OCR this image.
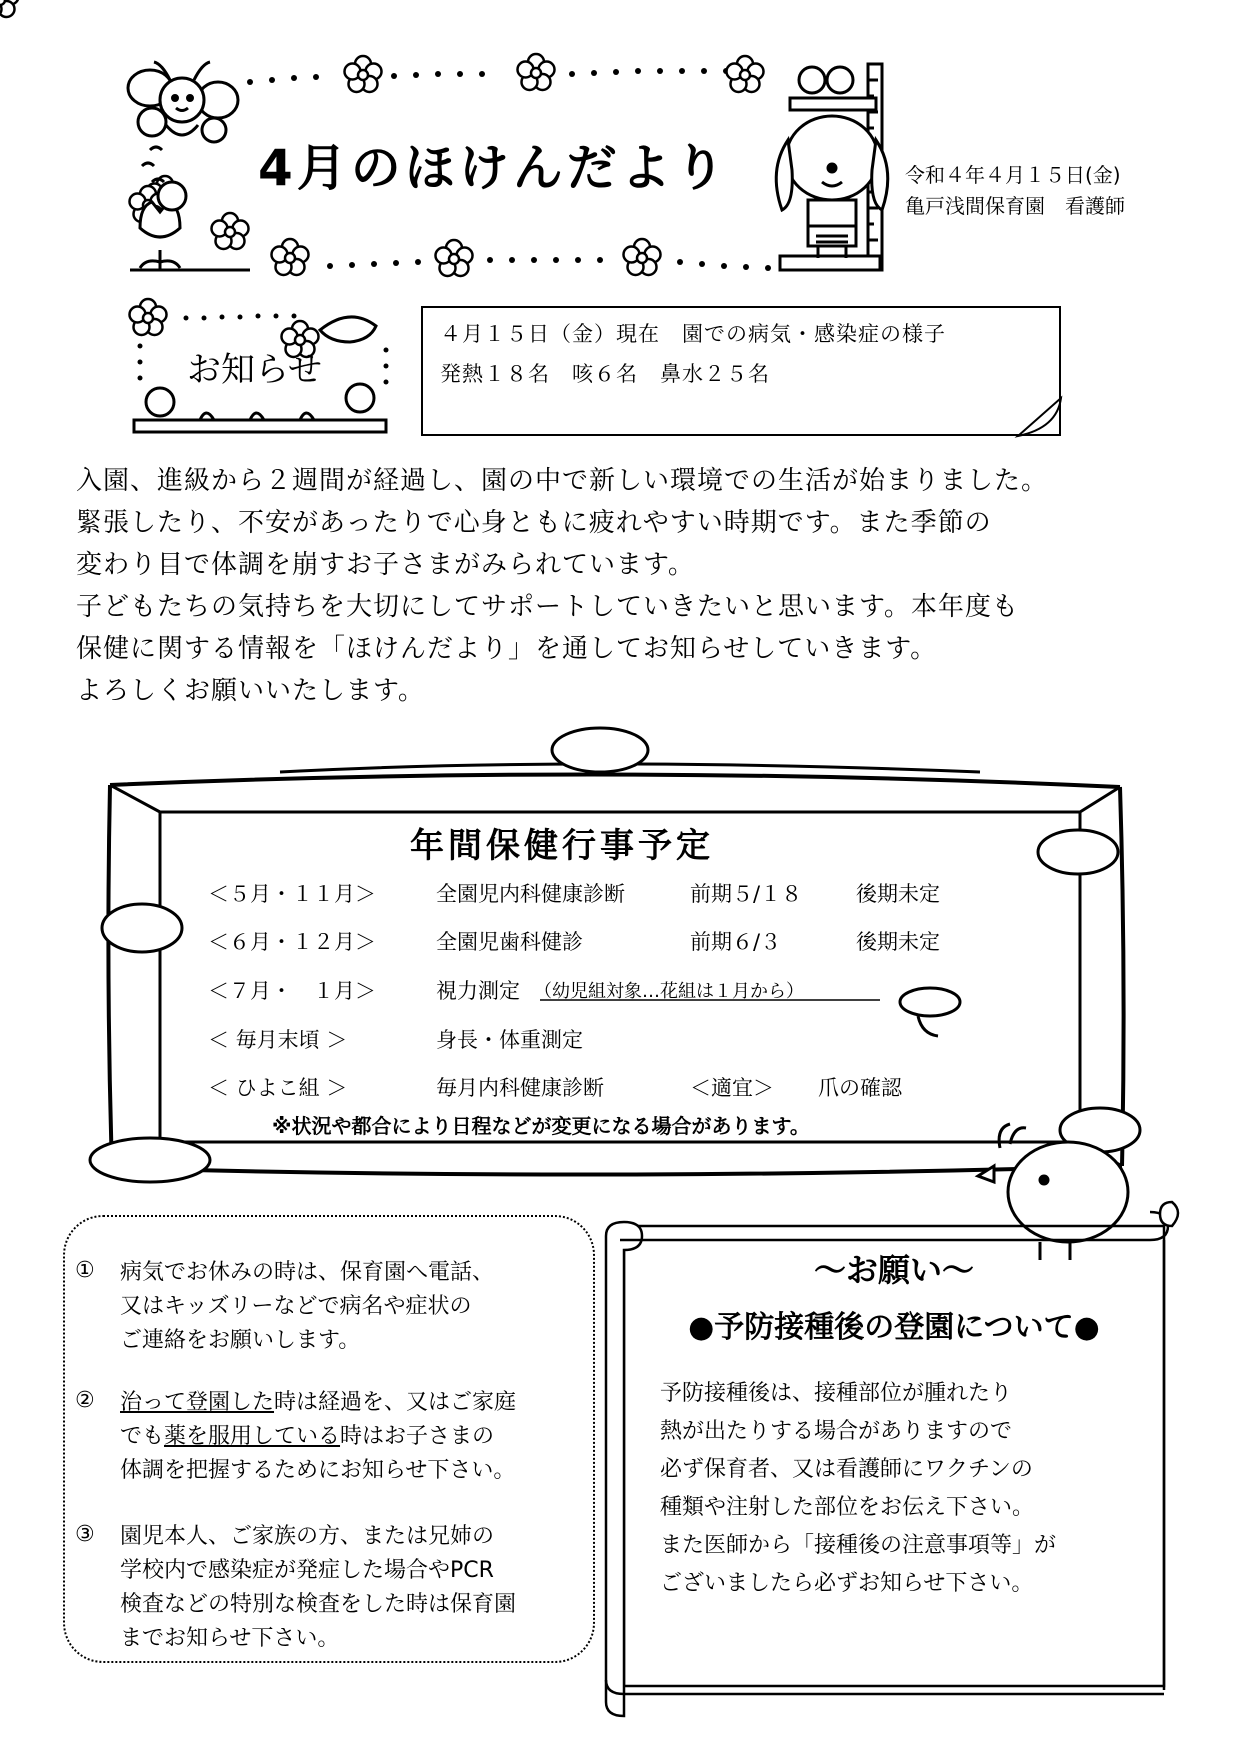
4月のほけんだより	令和４年４月１５日(金)
亀戸浅間保育園　看護師
お知らせ
４月１５日（金）現在　園での病気・感染症の様子
発熱１８名　咳６名　鼻水２５名
入園、進級から２週間が経過し、園の中で新しい環境での生活が始まりました。
緊張したり、不安があったりで心身ともに疲れやすい時期です。また季節の
変わり目で体調を崩すお子さまがみられています。
子どもたちの気持ちを大切にしてサポートしていきたいと思います。本年度も
保健に関する情報を「ほけんだより」を通してお知らせしていきます。
よろしくお願いいたします。
年間保健行事予定
＜５月・１１月＞	全園児内科健康診断	前期５/１８	後期未定
＜６月・１２月＞	全園児歯科健診	前期６/３	後期未定
＜７月・　１月＞	視力測定 （幼児組対象…花組は１月から）
＜ 毎月末頃 ＞	身長・体重測定
＜ ひよこ組 ＞	毎月内科健康診断	＜適宜＞ 爪の確認
※状況や都合により日程などが変更になる場合があります。
① 病気でお休みの時は、保育園へ電話、
又はキッズリーなどで病名や症状の
ご連絡をお願いします。
② 治って登園した時は経過を、又はご家庭
でも薬を服用している時はお子さまの
体調を把握するためにお知らせ下さい。
③ 園児本人、ご家族の方、または兄姉の
学校内で感染症が発症した場合やPCR
検査などの特別な検査をした時は保育園
までお知らせ下さい。
～お願い～
●予防接種後の登園について●
予防接種後は、接種部位が腫れたり
熱が出たりする場合がありますので
必ず保育者、又は看護師にワクチンの
種類や注射した部位をお伝え下さい。
また医師から「接種後の注意事項等」が
ございましたら必ずお知らせ下さい。
